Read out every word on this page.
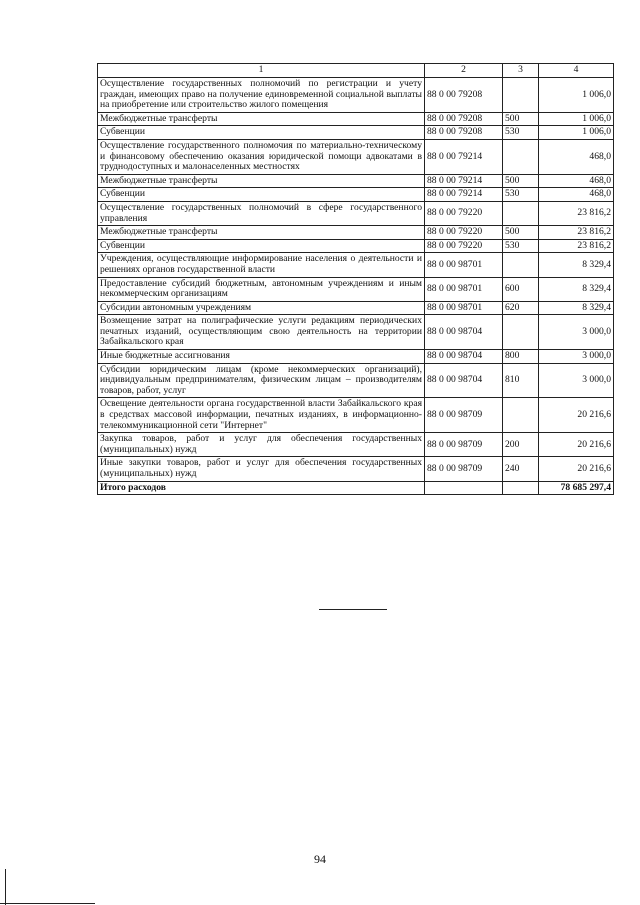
1	2	3	4
Осуществление государственных полномочий по регистрации и учету граждан, имеющих право на получение единовременной социальной выплаты на приобретение или строительство жилого помещения	88 0 00 79208		1 006,0
Межбюджетные трансферты	88 0 00 79208	500	1 006,0
Субвенции	88 0 00 79208	530	1 006,0
Осуществление государственного полномочия по материально-техническому и финансовому обеспечению оказания юридической помощи адвокатами в труднодоступных и малонаселенных местностях	88 0 00 79214		468,0
Межбюджетные трансферты	88 0 00 79214	500	468,0
Субвенции	88 0 00 79214	530	468,0
Осуществление государственных полномочий в сфере государственного управления	88 0 00 79220		23 816,2
Межбюджетные трансферты	88 0 00 79220	500	23 816,2
Субвенции	88 0 00 79220	530	23 816,2
Учреждения, осуществляющие информирование населения о деятельности и решениях органов государственной власти	88 0 00 98701		8 329,4
Предоставление субсидий бюджетным, автономным учреждениям и иным некоммерческим организациям	88 0 00 98701	600	8 329,4
Субсидии автономным учреждениям	88 0 00 98701	620	8 329,4
Возмещение затрат на полиграфические услуги редакциям периодических печатных изданий, осуществляющим свою деятельность на территории Забайкальского края	88 0 00 98704		3 000,0
Иные бюджетные ассигнования	88 0 00 98704	800	3 000,0
Субсидии юридическим лицам (кроме некоммерческих организаций), индивидуальным предпринимателям, физическим лицам – производителям товаров, работ, услуг	88 0 00 98704	810	3 000,0
Освещение деятельности органа государственной власти Забайкальского края в средствах массовой информации, печатных изданиях, в информационно-телекоммуникационной сети "Интернет"	88 0 00 98709		20 216,6
Закупка товаров, работ и услуг для обеспечения государственных (муниципальных) нужд	88 0 00 98709	200	20 216,6
Иные закупки товаров, работ и услуг для обеспечения государственных (муниципальных) нужд	88 0 00 98709	240	20 216,6
Итого расходов			78 685 297,4
94
